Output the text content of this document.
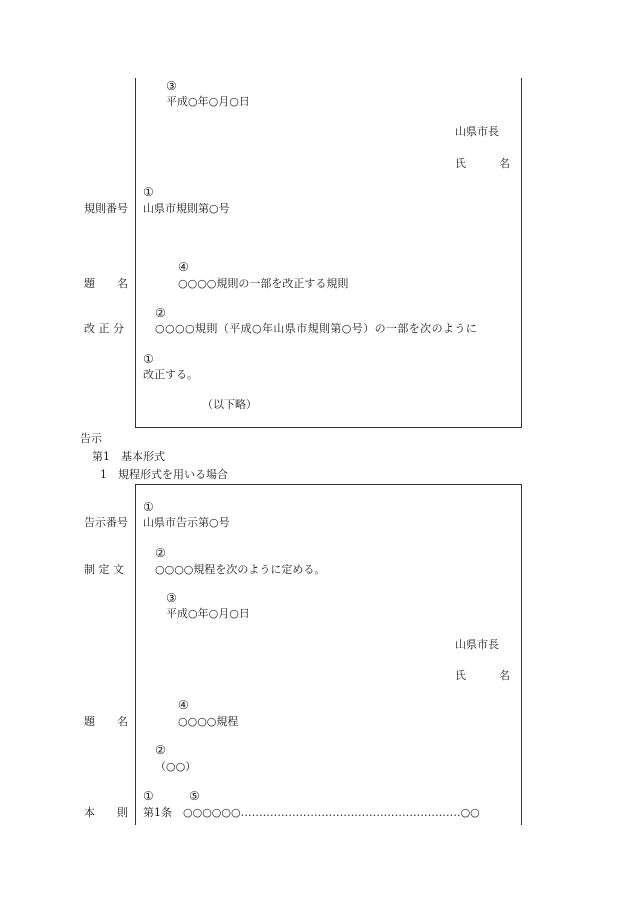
③
平成○年○月○日
山県市長
氏　　　名
①
規則番号 山県市規則第○号
④
題　　名	○○○○規則の一部を改正する規則
②
改 正 分	○○○○規則（平成○年山県市規則第○号）の一部を次のように
①
改正する。
（以下略）
告示
第1　基本形式
1　規程形式を用いる場合
①
告示番号 山県市告示第○号
②
制 定 文	○○○○規程を次のように定める。
③
平成○年○月○日
山県市長
氏　　　名
④
題　　名	○○○○規程
②
（○○）
①	⑤
本　　則 第1条　○○○○○○……………………………………………………○○
